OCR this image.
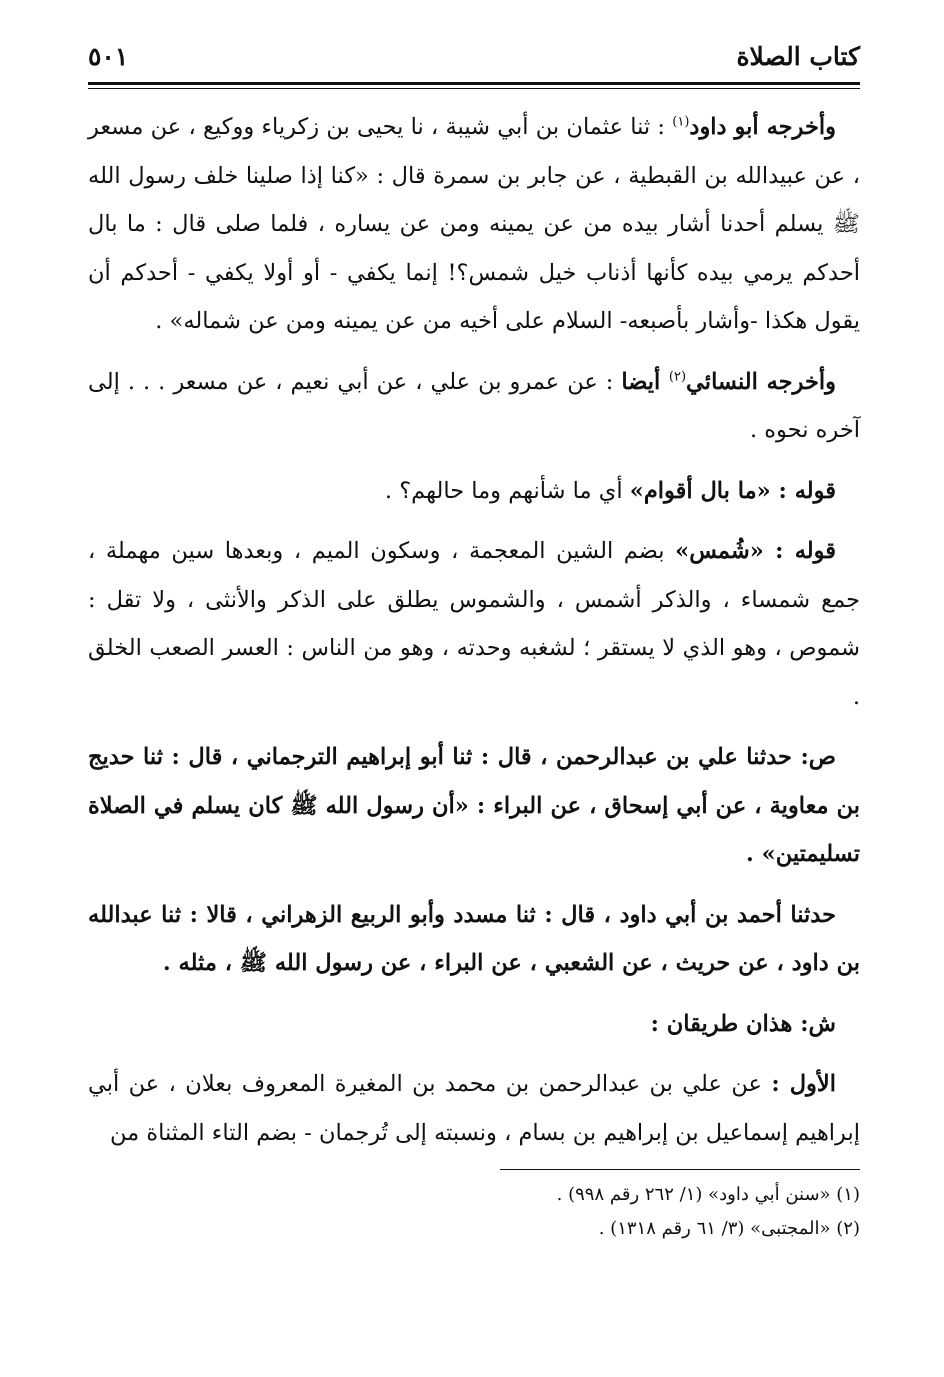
كتاب الصلاة
٥٠١

وأخرجه أبو داود$^{(١)}$ : ثنا عثمان بن أبي شيبة ، نا يحيى بن زكرياء ووكيع ، عن مسعر ، عن عبيدالله بن القبطية ، عن جابر بن سمرة قال : «كنا إذا صلينا خلف رسول الله ﷺ يسلم أحدنا أشار بيده من عن يمينه ومن عن يساره ، فلما صلى قال : ما بال أحدكم يرمي بيده كأنها أذناب خيل شمس؟! إنما يكفي - أو أولا يكفي - أحدكم أن يقول هكذا -وأشار بأصبعه- السلام على أخيه من عن يمينه ومن عن شماله» .

وأخرجه النسائي$^{(٢)}$ أيضا : عن عمرو بن علي ، عن أبي نعيم ، عن مسعر . . . إلى آخره نحوه .

قوله : «ما بال أقوام» أي ما شأنهم وما حالهم؟ .

قوله : «شُمس» بضم الشين المعجمة ، وسكون الميم ، وبعدها سين مهملة ، جمع شمساء ، والذكر أشمس ، والشموس يطلق على الذكر والأنثى ، ولا تقل : شموص ، وهو الذي لا يستقر ؛ لشغبه وحدته ، وهو من الناس : العسر الصعب الخلق .

ص: حدثنا علي بن عبدالرحمن ، قال : ثنا أبو إبراهيم الترجماني ، قال : ثنا حديج بن معاوية ، عن أبي إسحاق ، عن البراء : «أن رسول الله ﷺ كان يسلم في الصلاة تسليمتين» .

حدثنا أحمد بن أبي داود ، قال : ثنا مسدد وأبو الربيع الزهراني ، قالا : ثنا عبدالله بن داود ، عن حريث ، عن الشعبي ، عن البراء ، عن رسول الله ﷺ ، مثله .

ش: هذان طريقان :

الأول : عن علي بن عبدالرحمن بن محمد بن المغيرة المعروف بعلان ، عن أبي إبراهيم إسماعيل بن إبراهيم بن بسام ، ونسبته إلى تُرجمان - بضم التاء المثناة من

(١) «سنن أبي داود» (١/ ٢٦٢ رقم ٩٩٨) .

(٢) «المجتبى» (٣/ ٦١ رقم ١٣١٨) .
